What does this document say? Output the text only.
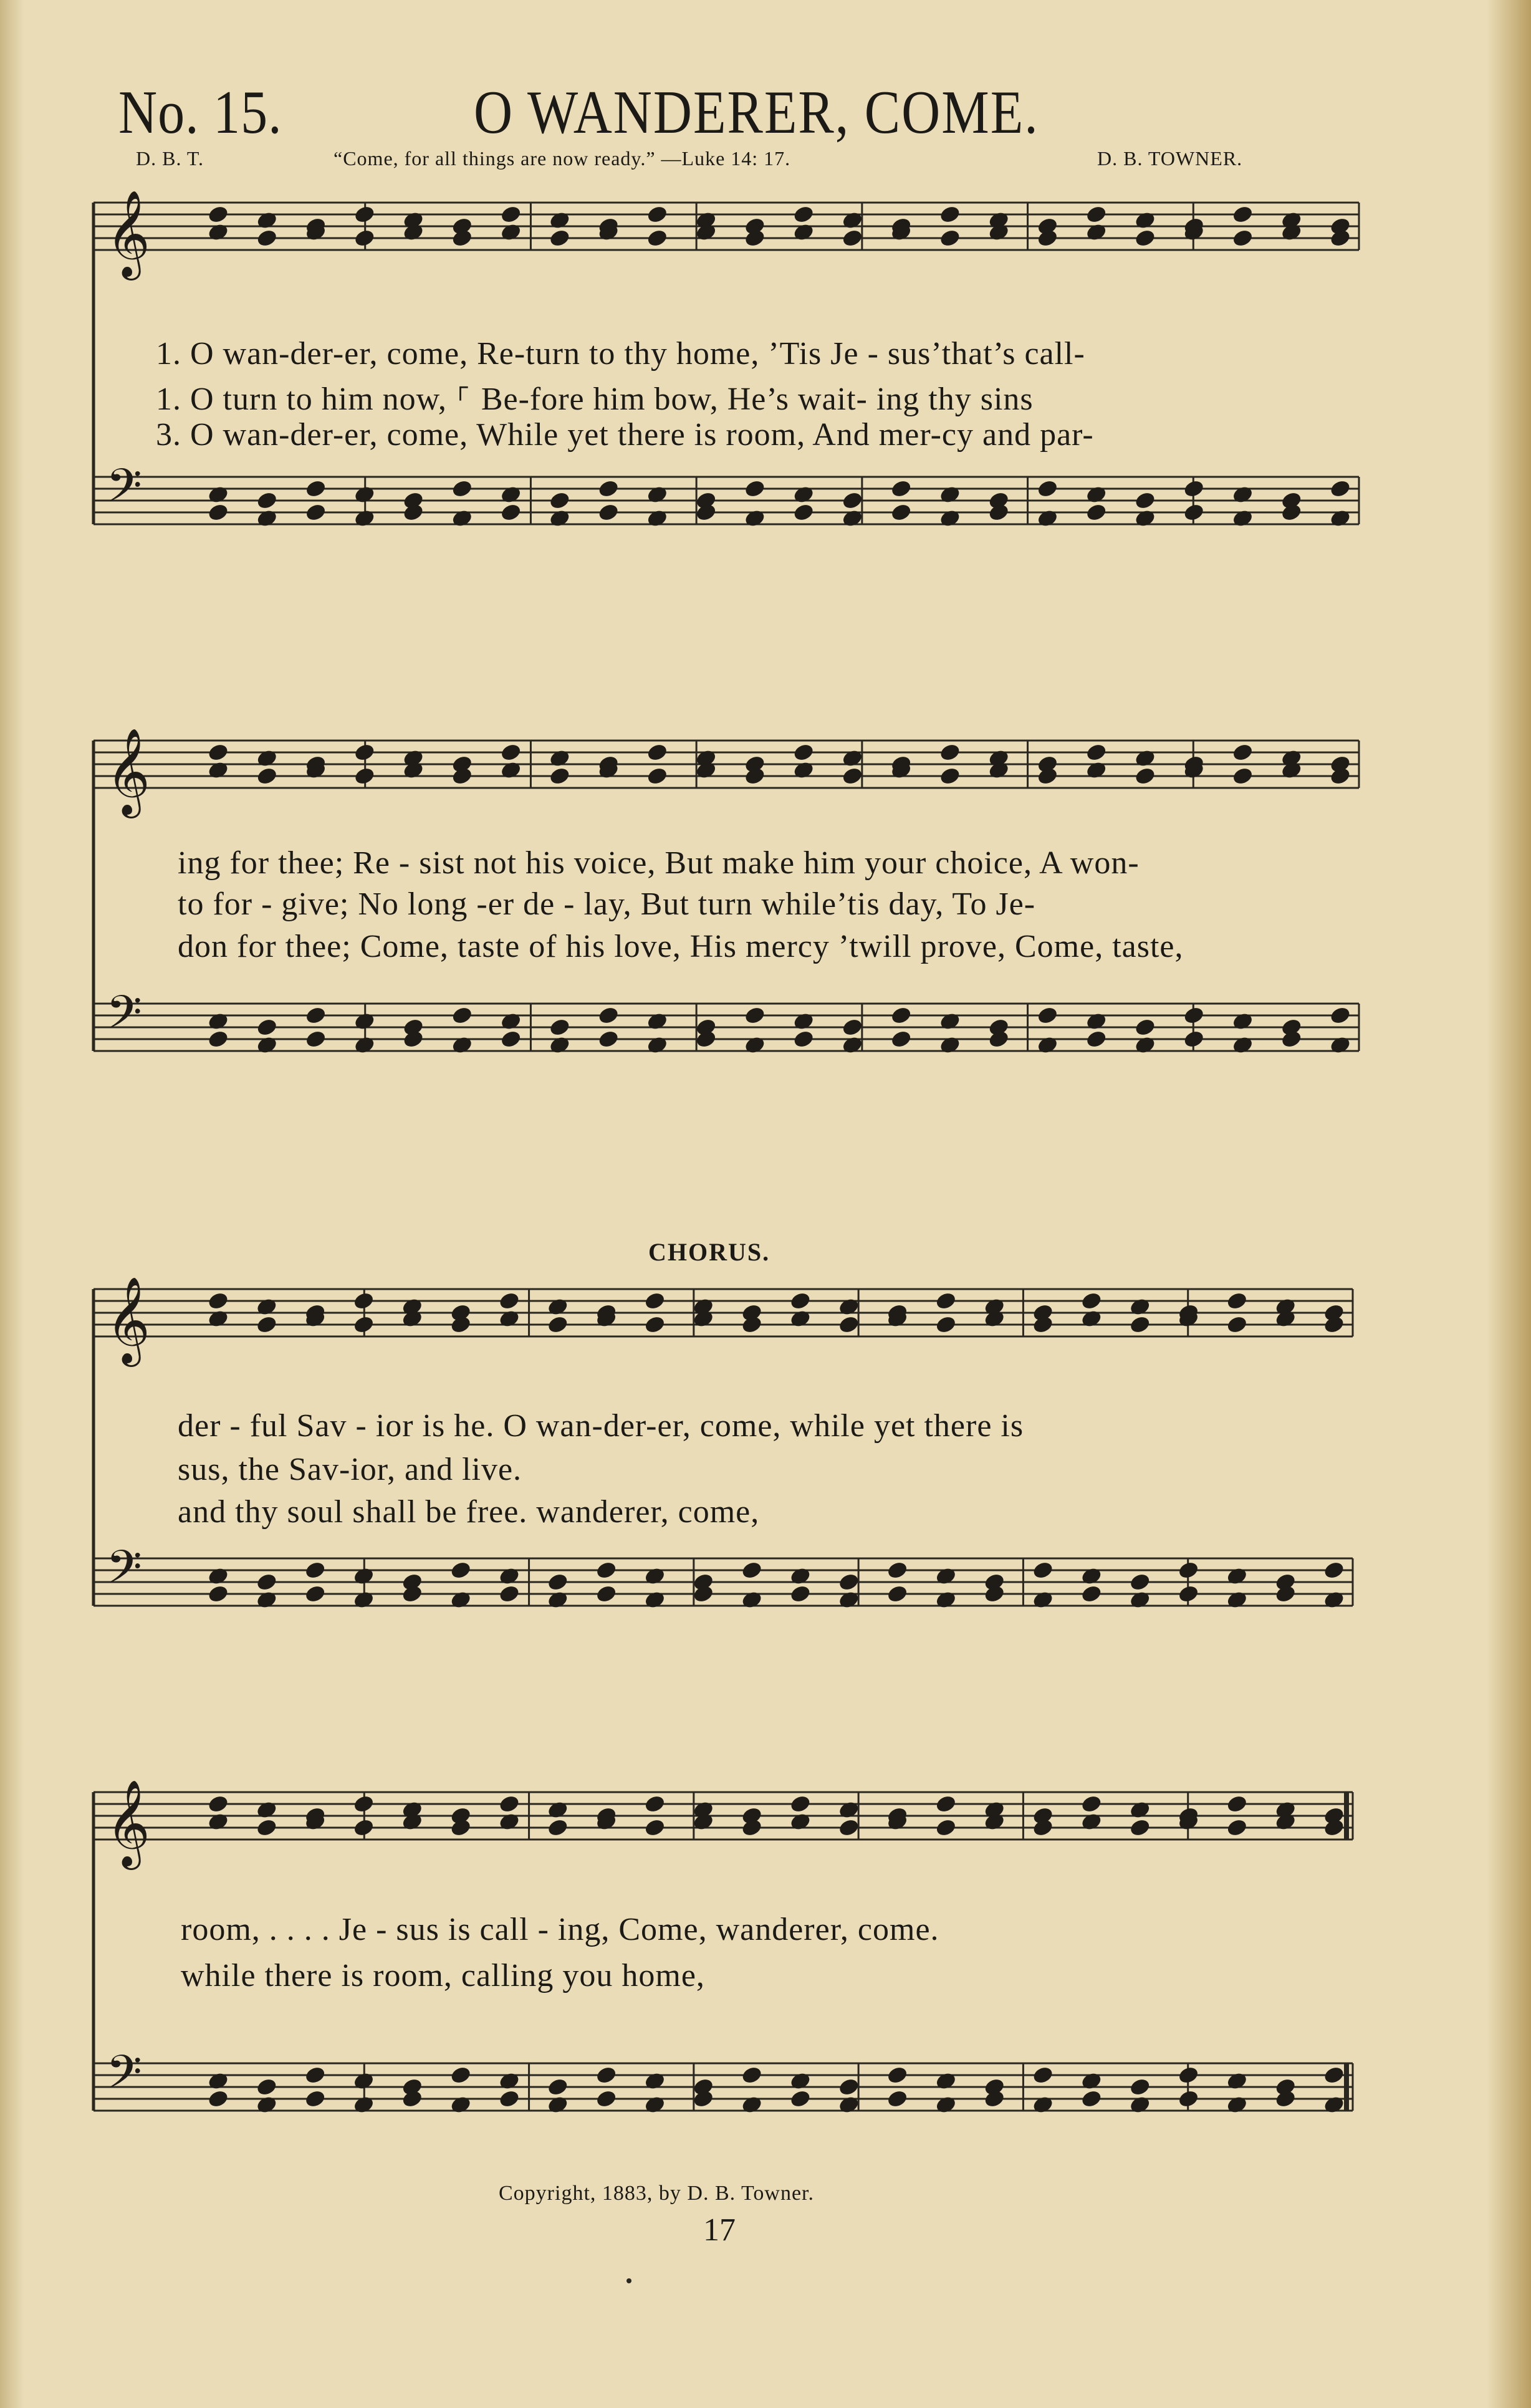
No. 15.	O WANDERER, COME.
D. B. T.	“Come, for all things are now ready.” —Luke 14: 17.	D. B. TOWNER.
𝄞
𝄢
𝄞
𝄢
𝄞
𝄢
𝄞
𝄢
1. O wan-der-er, come, Re-turn to thy home, ’Tis Je - sus’that’s call-
1. O turn to him now, ⸀ Be-fore him bow, He’s wait- ing thy sins
3. O wan-der-er, come, While yet there is room, And mer-cy and par-
ing for thee; Re - sist not his voice, But make him your choice, A won-
to for - give; No long -er de - lay, But turn while’tis day, To Je-
don for thee; Come, taste of his love, His mercy ’twill prove, Come, taste,
CHORUS.
der - ful Sav - ior is he. O wan-der-er, come, while yet there is
sus, the Sav-ior, and live.
and thy soul shall be free. wanderer, come,
room, . . . . Je - sus is call - ing, Come, wanderer, come.
while there is room, calling you home,
Copyright, 1883, by D. B. Towner.
17
